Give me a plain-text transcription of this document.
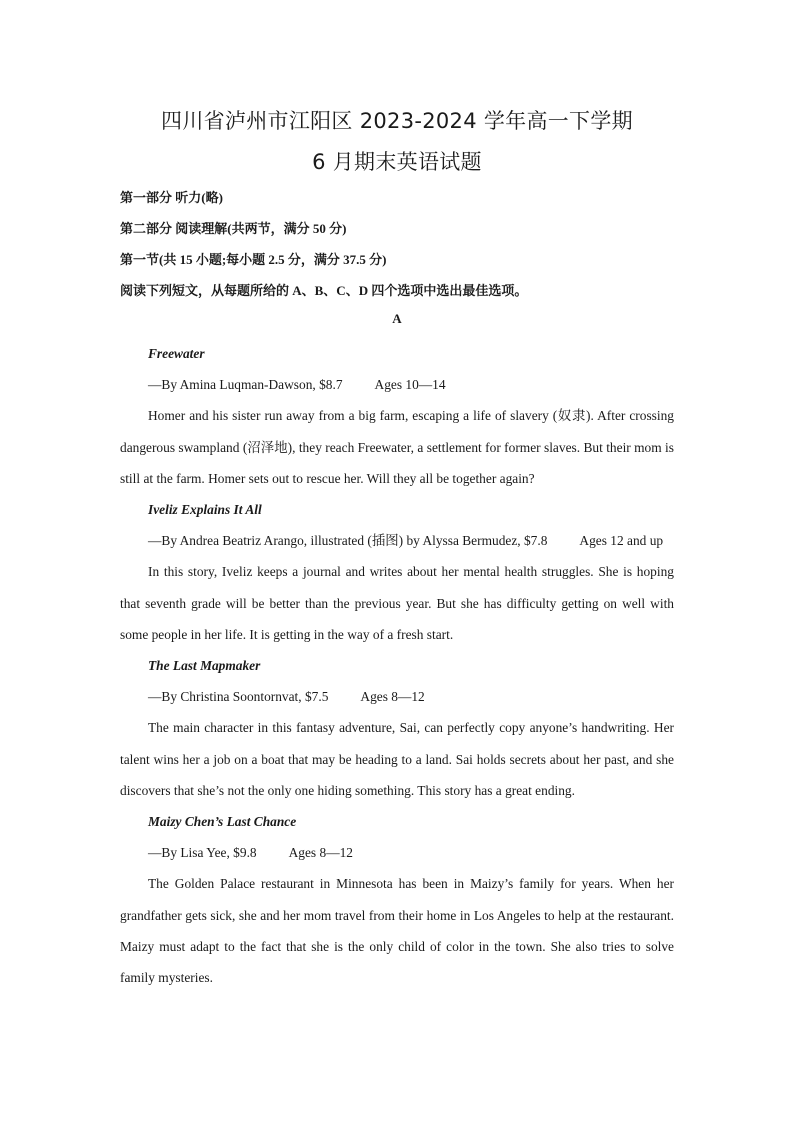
四川省泸州市江阳区 2023-2024 学年高一下学期
6 月期末英语试题
第一部分 听力(略)
第二部分 阅读理解(共两节，满分 50 分)
第一节(共 15 小题;每小题 2.5 分，满分 37.5 分)
阅读下列短文，从每题所给的 A、B、C、D 四个选项中选出最佳选项。
A

Freewater

—By Amina Luqman-Dawson, $8.7 Ages 10—14

Homer and his sister run away from a big farm, escaping a life of slavery (奴隶). After crossing dangerous swampland (沼泽地), they reach Freewater, a settlement for former slaves. But their mom is still at the farm. Homer sets out to rescue her. Will they all be together again?

Iveliz Explains It All

—By Andrea Beatriz Arango, illustrated (插图) by Alyssa Bermudez, $7.8 Ages 12 and up

In this story, Iveliz keeps a journal and writes about her mental health struggles. She is hoping that seventh grade will be better than the previous year. But she has difficulty getting on well with some people in her life. It is getting in the way of a fresh start.

The Last Mapmaker

—By Christina Soontornvat, $7.5 Ages 8—12

The main character in this fantasy adventure, Sai, can perfectly copy anyone’s handwriting. Her talent wins her a job on a boat that may be heading to a land. Sai holds secrets about her past, and she discovers that she’s not the only one hiding something. This story has a great ending.

Maizy Chen’s Last Chance

—By Lisa Yee, $9.8 Ages 8—12

The Golden Palace restaurant in Minnesota has been in Maizy’s family for years. When her grandfather gets sick, she and her mom travel from their home in Los Angeles to help at the restaurant. Maizy must adapt to the fact that she is the only child of color in the town. She also tries to solve family mysteries.
